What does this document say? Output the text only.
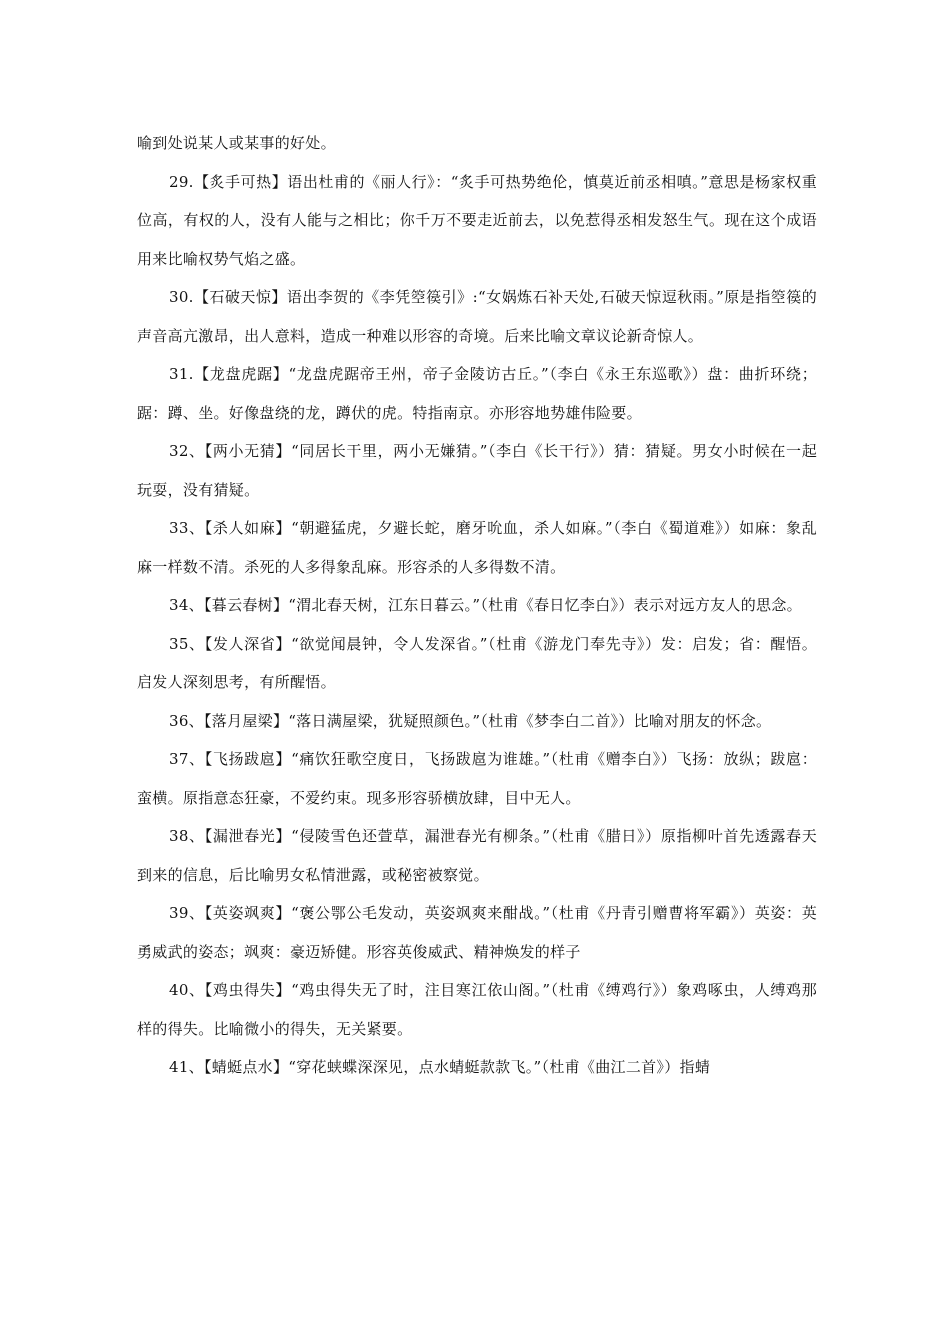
喻到处说某人或某事的好处。

29.【炙手可热】语出杜甫的《丽人行》：“炙手可热势绝伦，慎莫近前丞相嗔。”意思是杨家权重位高，有权的人，没有人能与之相比；你千万不要走近前去，以免惹得丞相发怒生气。现在这个成语用来比喻权势气焰之盛。

30.【石破天惊】语出李贺的《李凭箜篌引》:“女娲炼石补天处,石破天惊逗秋雨。”原是指箜篌的声音高亢激昂，出人意料，造成一种难以形容的奇境。后来比喻文章议论新奇惊人。

31.【龙盘虎踞】“龙盘虎踞帝王州，帝子金陵访古丘。”（李白《永王东巡歌》）盘：曲折环绕；踞：蹲、坐。好像盘绕的龙，蹲伏的虎。特指南京。亦形容地势雄伟险要。

32、【两小无猜】“同居长干里，两小无嫌猜。”（李白《长干行》）猜：猜疑。男女小时候在一起玩耍，没有猜疑。

33、【杀人如麻】“朝避猛虎，夕避长蛇，磨牙吮血，杀人如麻。”（李白《蜀道难》）如麻：象乱麻一样数不清。杀死的人多得象乱麻。形容杀的人多得数不清。

34、【暮云春树】“渭北春天树，江东日暮云。”（杜甫《春日忆李白》）表示对远方友人的思念。

35、【发人深省】“欲觉闻晨钟，令人发深省。”（杜甫《游龙门奉先寺》）发：启发；省：醒悟。启发人深刻思考，有所醒悟。

36、【落月屋梁】“落日满屋梁，犹疑照颜色。”（杜甫《梦李白二首》）比喻对朋友的怀念。

37、【飞扬跋扈】“痛饮狂歌空度日，飞扬跋扈为谁雄。”（杜甫《赠李白》）飞扬：放纵；跋扈：蛮横。原指意态狂豪，不爱约束。现多形容骄横放肆，目中无人。

38、【漏泄春光】“侵陵雪色还萱草，漏泄春光有柳条。”（杜甫《腊日》）原指柳叶首先透露春天到来的信息，后比喻男女私情泄露，或秘密被察觉。

39、【英姿飒爽】“褒公鄂公毛发动，英姿飒爽来酣战。”（杜甫《丹青引赠曹将军霸》）英姿：英勇威武的姿态；飒爽：豪迈矫健。形容英俊威武、精神焕发的样子

40、【鸡虫得失】“鸡虫得失无了时，注目寒江依山阁。”（杜甫《缚鸡行》）象鸡啄虫，人缚鸡那样的得失。比喻微小的得失，无关紧要。

41、【蜻蜓点水】“穿花蛱蝶深深见，点水蜻蜓款款飞。”（杜甫《曲江二首》）指蜻
